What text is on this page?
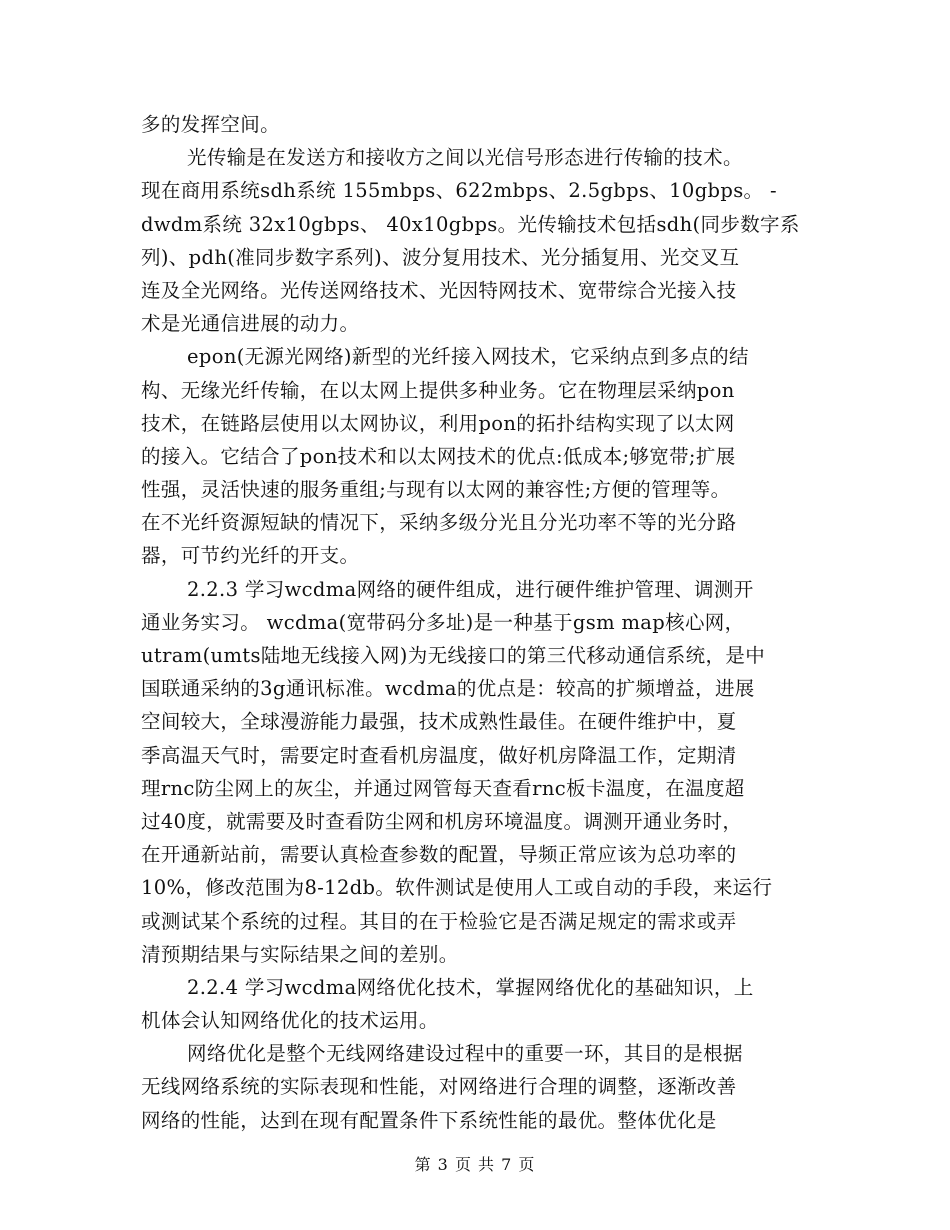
多的发挥空间。
光传输是在发送方和接收方之间以光信号形态进行传输的技术。
现在商用系统sdh系统 155mbps、622mbps、2.5gbps、10gbps。 -
dwdm系统 32x10gbps、 40x10gbps。光传输技术包括sdh(同步数字系
列)、pdh(准同步数字系列)、波分复用技术、光分插复用、光交叉互
连及全光网络。光传送网络技术、光因特网技术、宽带综合光接入技
术是光通信进展的动力。
epon(无源光网络)新型的光纤接入网技术，它采纳点到多点的结
构、无缘光纤传输，在以太网上提供多种业务。它在物理层采纳pon
技术，在链路层使用以太网协议，利用pon的拓扑结构实现了以太网
的接入。它结合了pon技术和以太网技术的优点:低成本;够宽带;扩展
性强，灵活快速的服务重组;与现有以太网的兼容性;方便的管理等。
在不光纤资源短缺的情况下，采纳多级分光且分光功率不等的光分路
器，可节约光纤的开支。
2.2.3 学习wcdma网络的硬件组成，进行硬件维护管理、调测开
通业务实习。 wcdma(宽带码分多址)是一种基于gsm map核心网，
utram(umts陆地无线接入网)为无线接口的第三代移动通信系统，是中
国联通采纳的3g通讯标准。wcdma的优点是：较高的扩频增益，进展
空间较大，全球漫游能力最强，技术成熟性最佳。在硬件维护中，夏
季高温天气时，需要定时查看机房温度，做好机房降温工作，定期清
理rnc防尘网上的灰尘，并通过网管每天查看rnc板卡温度，在温度超
过40度，就需要及时查看防尘网和机房环境温度。调测开通业务时，
在开通新站前，需要认真检查参数的配置，导频正常应该为总功率的
10%，修改范围为8-12db。软件测试是使用人工或自动的手段，来运行
或测试某个系统的过程。其目的在于检验它是否满足规定的需求或弄
清预期结果与实际结果之间的差别。
2.2.4 学习wcdma网络优化技术，掌握网络优化的基础知识，上
机体会认知网络优化的技术运用。
网络优化是整个无线网络建设过程中的重要一环，其目的是根据
无线网络系统的实际表现和性能，对网络进行合理的调整，逐渐改善
网络的性能，达到在现有配置条件下系统性能的最优。整体优化是
第 3 页 共 7 页
